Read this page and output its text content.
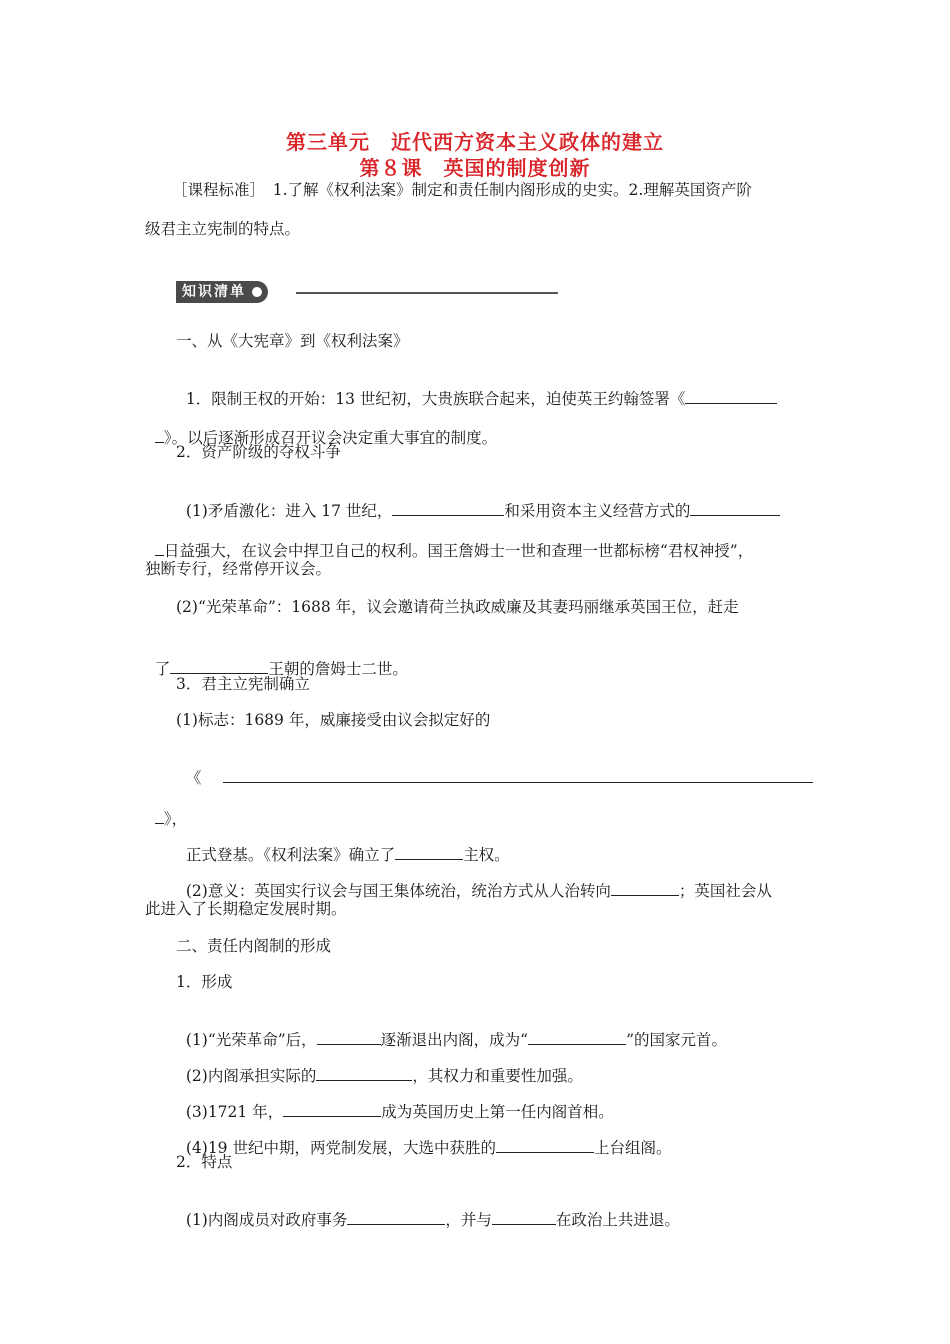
第三单元　近代西方资本主义政体的建立
第８课　英国的制度创新
［课程标准］　1.了解《权利法案》制定和责任制内阁形成的史实。2.理解英国资产阶
级君主立宪制的特点。
知识清单
一、从《大宪章》到《权利法案》

1．限制王权的开始：13 世纪初，大贵族联合起来，迫使英王约翰签署《

》。以后逐渐形成召开议会决定重大事宜的制度。

2．资产阶级的夺权斗争

(1)矛盾激化：进入 17 世纪，	和采用资本主义经营方式的

日益强大，在议会中捍卫自己的权利。国王詹姆士一世和查理一世都标榜“君权神授”，

独断专行，经常停开议会。
(2)“光荣革命”：1688 年，议会邀请荷兰执政威廉及其妻玛丽继承英国王位，赶走

了	王朝的詹姆士二世。

3．君主立宪制确立
(1)标志：1689 年，威廉接受由议会拟定好的

《

》，

正式登基。《权利法案》确立了	主权。

(2)意义：英国实行议会与国王集体统治，统治方式从人治转向	；英国社会从

此进入了长期稳定发展时期。
二、责任内阁制的形成
1．形成

(1)“光荣革命”后，	逐渐退出内阁，成为“	”的国家元首。

(2)内阁承担实际的	，其权力和重要性加强。

(3)1721 年，	成为英国历史上第一任内阁首相。

(4)19 世纪中期，两党制发展，大选中获胜的	上台组阁。

2．特点

(1)内阁成员对政府事务	，并与	在政治上共进退。
